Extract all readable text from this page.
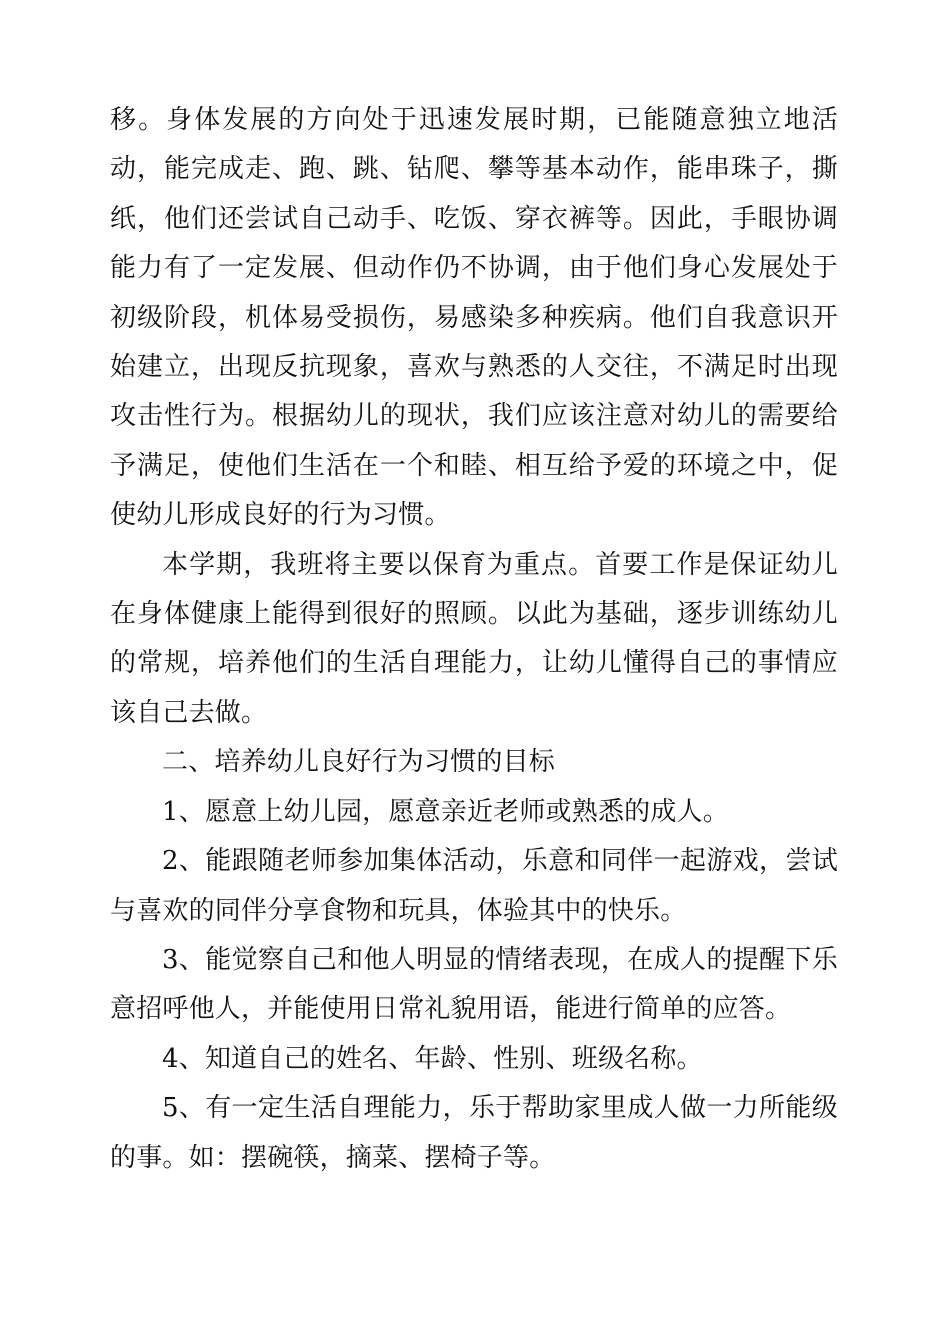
移。身体发展的方向处于迅速发展时期，已能随意独立地活动，能完成走、跑、跳、钻爬、攀等基本动作，能串珠子，撕纸，他们还尝试自己动手、吃饭、穿衣裤等。因此，手眼协调能力有了一定发展、但动作仍不协调，由于他们身心发展处于初级阶段，机体易受损伤，易感染多种疾病。他们自我意识开始建立，出现反抗现象，喜欢与熟悉的人交往，不满足时出现攻击性行为。根据幼儿的现状，我们应该注意对幼儿的需要给予满足，使他们生活在一个和睦、相互给予爱的环境之中，促使幼儿形成良好的行为习惯。

本学期，我班将主要以保育为重点。首要工作是保证幼儿在身体健康上能得到很好的照顾。以此为基础，逐步训练幼儿的常规，培养他们的生活自理能力，让幼儿懂得自己的事情应该自己去做。

二、培养幼儿良好行为习惯的目标

1、愿意上幼儿园，愿意亲近老师或熟悉的成人。

2、能跟随老师参加集体活动，乐意和同伴一起游戏，尝试与喜欢的同伴分享食物和玩具，体验其中的快乐。

3、能觉察自己和他人明显的情绪表现，在成人的提醒下乐意招呼他人，并能使用日常礼貌用语，能进行简单的应答。

4、知道自己的姓名、年龄、性别、班级名称。

5、有一定生活自理能力，乐于帮助家里成人做一力所能级的事。如：摆碗筷，摘菜、摆椅子等。
